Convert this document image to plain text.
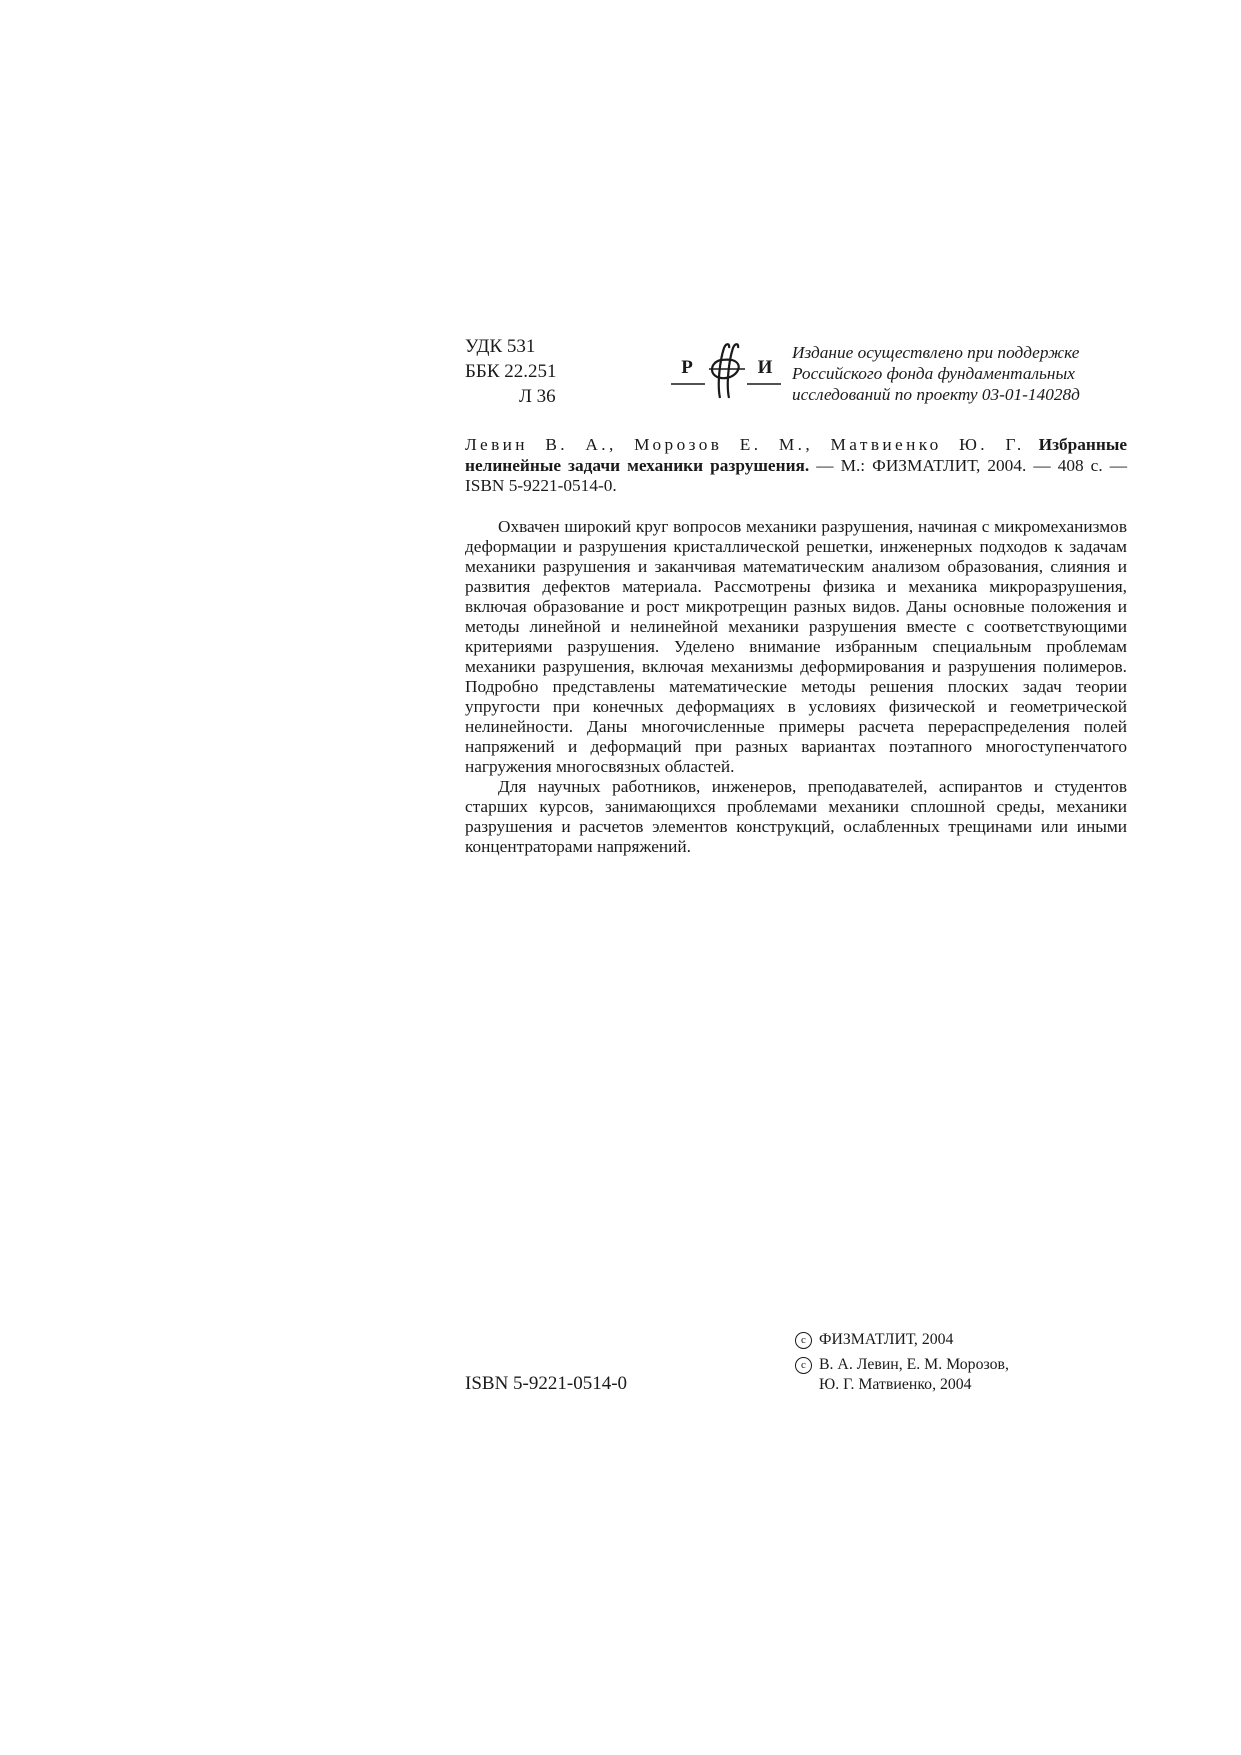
УДК 531
ББК 22.251
Л 36
Р	И
Издание осуществлено при поддержке
Российского фонда фундаментальных
исследований по проекту 03-01-14028д
Левин В. А., Морозов Е. М., Матвиенко Ю. Г. Избранные нелинейные задачи механики разрушения. — М.: ФИЗМАТЛИТ, 2004. — 408 с. — ISBN 5-9221-0514-0.

Охвачен широкий круг вопросов механики разрушения, начиная с микромеханизмов деформации и разрушения кристаллической решетки, инженерных подходов к задачам механики разрушения и заканчивая математическим анализом образования, слияния и развития дефектов материала. Рассмотрены физика и механика микроразрушения, включая образование и рост микротрещин разных видов. Даны основные положения и методы линейной и нелинейной механики разрушения вместе с соответствующими критериями разрушения. Уделено внимание избранным специальным проблемам механики разрушения, включая механизмы деформирования и разрушения полимеров. Подробно представлены математические методы решения плоских задач теории упругости при конечных деформациях в условиях физической и геометрической нелинейности. Даны многочисленные примеры расчета перераспределения полей напряжений и деформаций при разных вариантах поэтапного многоступенчатого нагружения многосвязных областей.

Для научных работников, инженеров, преподавателей, аспирантов и студентов старших курсов, занимающихся проблемами механики сплошной среды, механики разрушения и расчетов элементов конструкций, ослабленных трещинами или иными концентраторами напряжений.

ISBN 5-9221-0514-0
c ФИЗМАТЛИТ, 2004
c В. А. Левин, Е. М. Морозов,
Ю. Г. Матвиенко, 2004
